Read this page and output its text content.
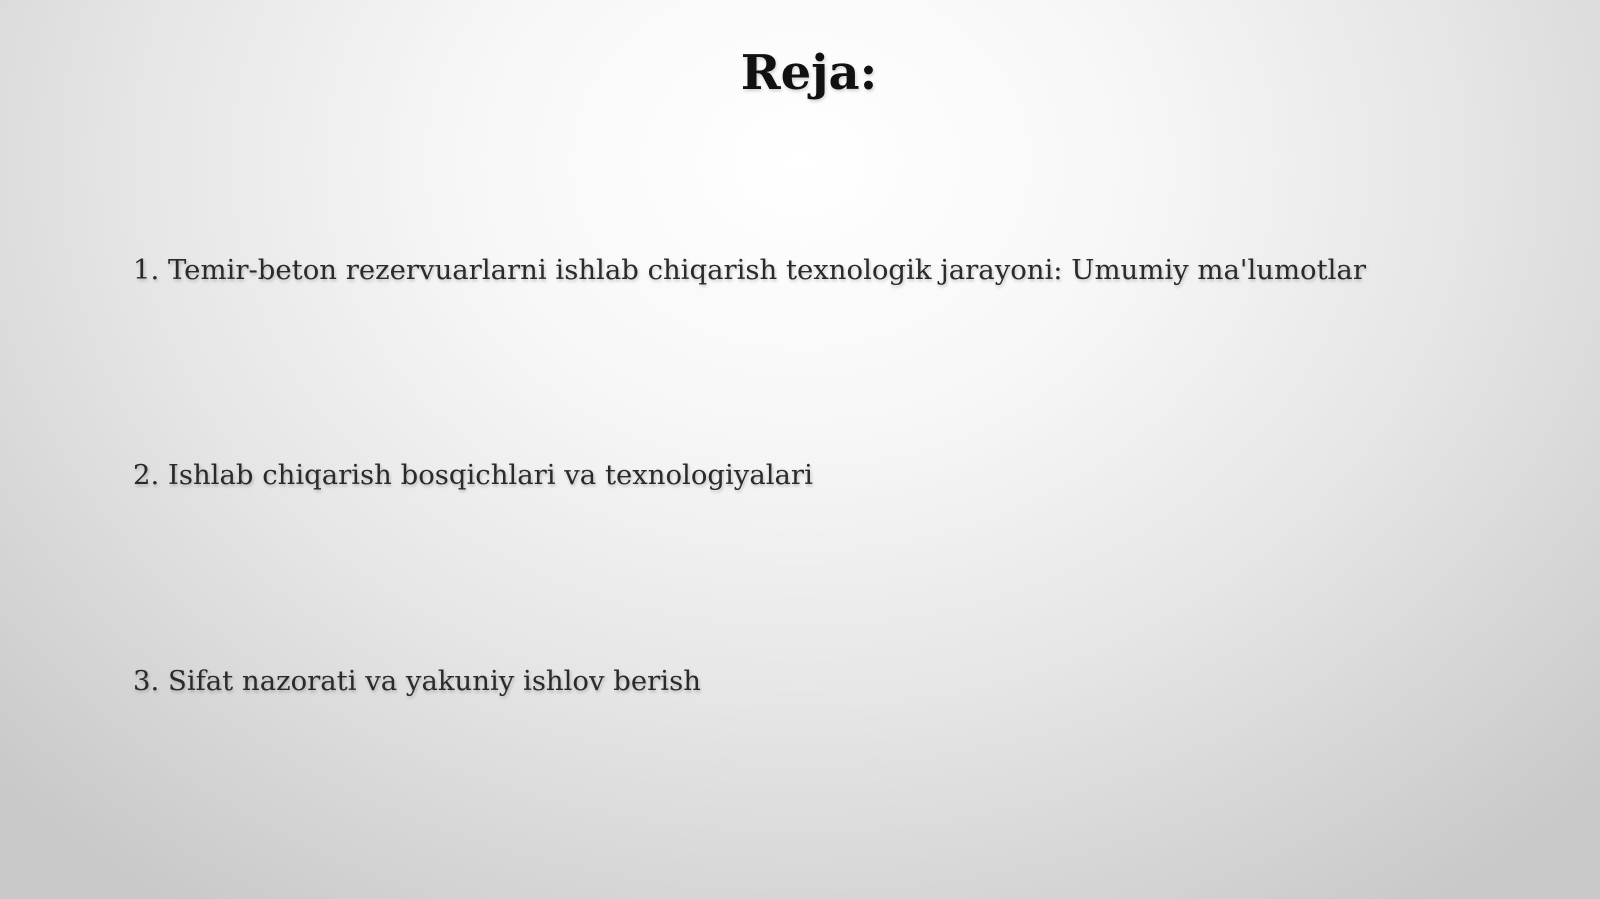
Reja:
1. Temir-beton rezervuarlarni ishlab chiqarish texnologik jarayoni: Umumiy ma'lumotlar
2. Ishlab chiqarish bosqichlari va texnologiyalari
3. Sifat nazorati va yakuniy ishlov berish
